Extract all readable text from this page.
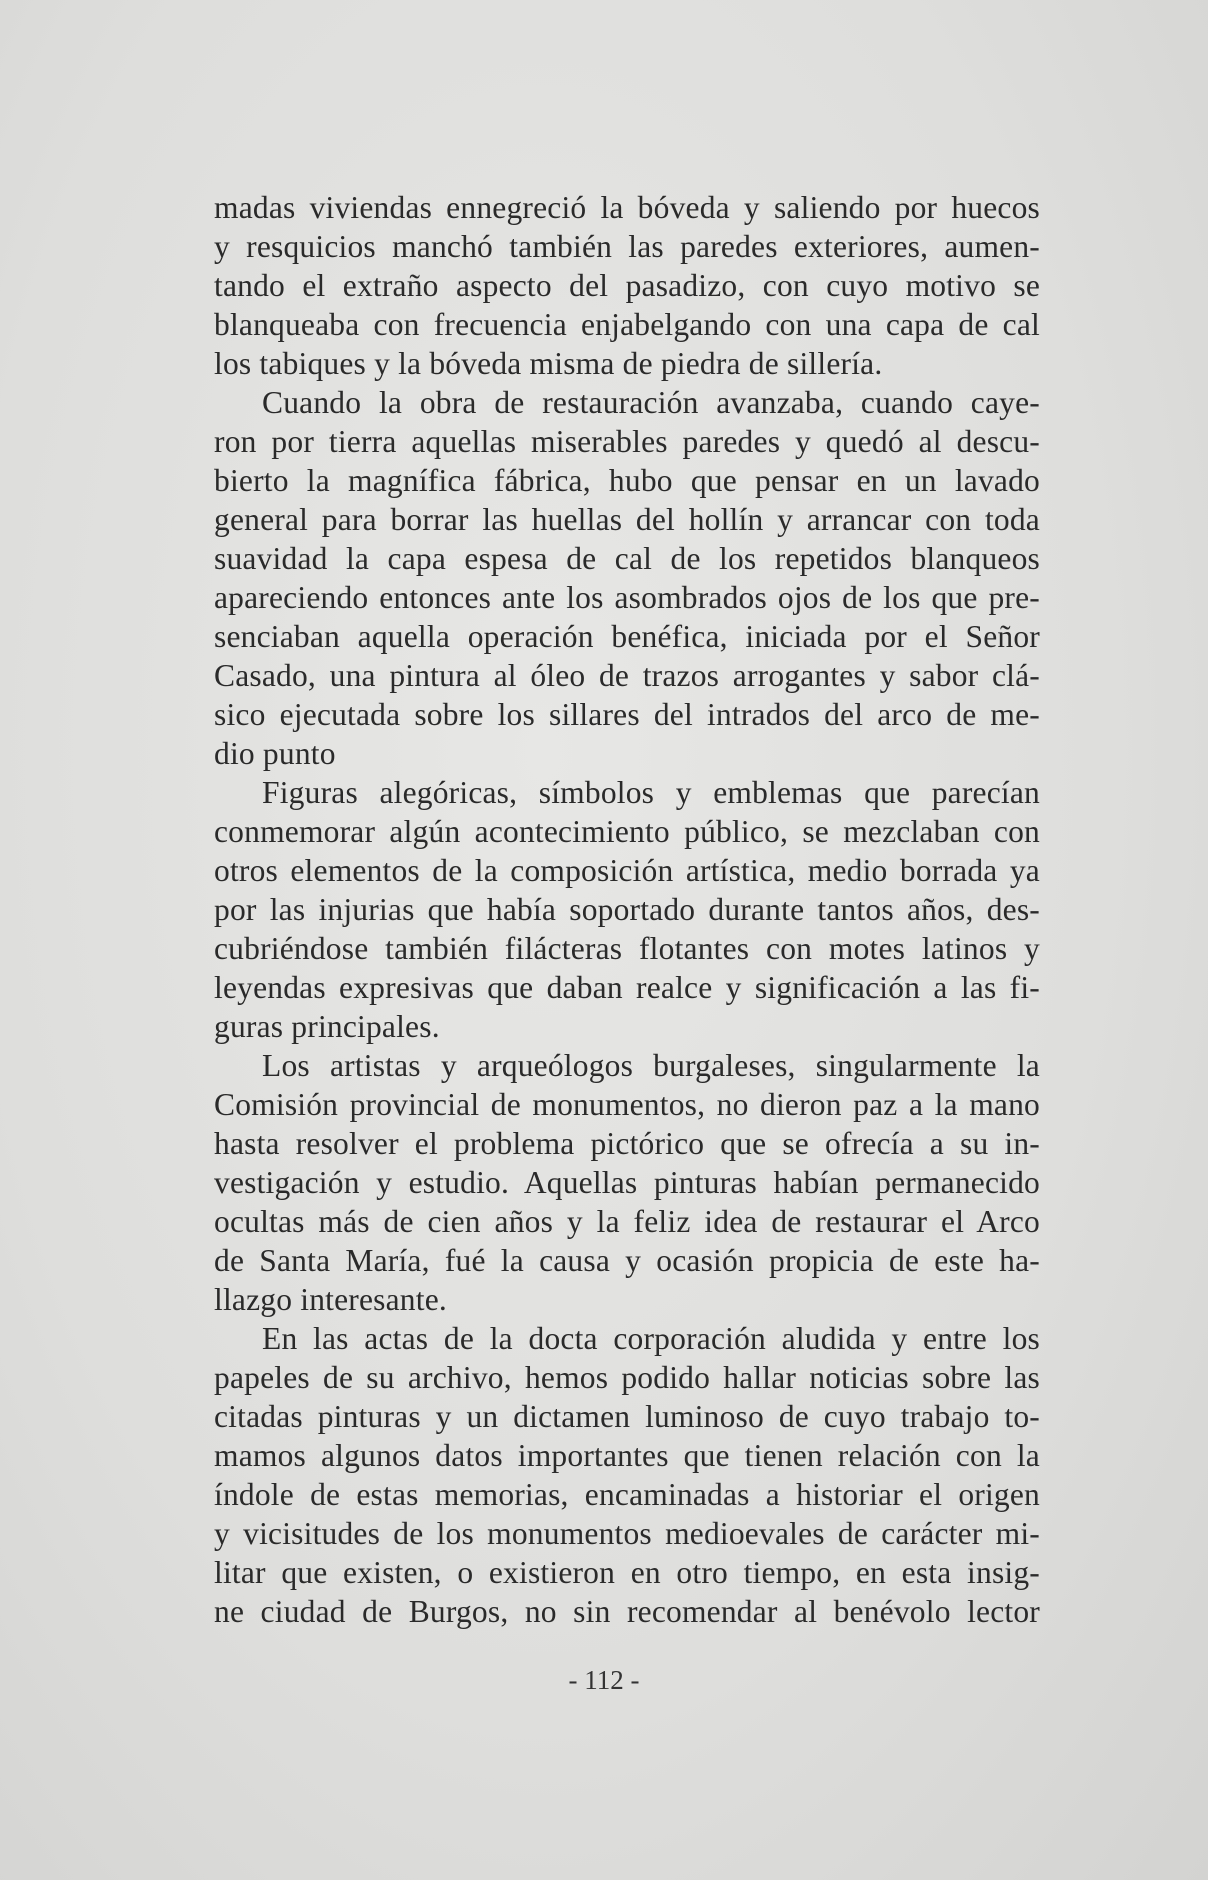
madas viviendas ennegreció la bóveda y saliendo por huecos
y resquicios manchó también las paredes exteriores, aumen-
tando el extraño aspecto del pasadizo, con cuyo motivo se
blanqueaba con frecuencia enjabelgando con una capa de cal
los tabiques y la bóveda misma de piedra de sillería.
Cuando la obra de restauración avanzaba, cuando caye-
ron por tierra aquellas miserables paredes y quedó al descu-
bierto la magnífica fábrica, hubo que pensar en un lavado
general para borrar las huellas del hollín y arrancar con toda
suavidad la capa espesa de cal de los repetidos blanqueos
apareciendo entonces ante los asombrados ojos de los que pre-
senciaban aquella operación benéfica, iniciada por el Señor
Casado, una pintura al óleo de trazos arrogantes y sabor clá-
sico ejecutada sobre los sillares del intrados del arco de me-
dio punto
Figuras alegóricas, símbolos y emblemas que parecían
conmemorar algún acontecimiento público, se mezclaban con
otros elementos de la composición artística, medio borrada ya
por las injurias que había soportado durante tantos años, des-
cubriéndose también filácteras flotantes con motes latinos y
leyendas expresivas que daban realce y significación a las fi-
guras principales.
Los artistas y arqueólogos burgaleses, singularmente la
Comisión provincial de monumentos, no dieron paz a la mano
hasta resolver el problema pictórico que se ofrecía a su in-
vestigación y estudio. Aquellas pinturas habían permanecido
ocultas más de cien años y la feliz idea de restaurar el Arco
de Santa María, fué la causa y ocasión propicia de este ha-
llazgo interesante.
En las actas de la docta corporación aludida y entre los
papeles de su archivo, hemos podido hallar noticias sobre las
citadas pinturas y un dictamen luminoso de cuyo trabajo to-
mamos algunos datos importantes que tienen relación con la
índole de estas memorias, encaminadas a historiar el origen
y vicisitudes de los monumentos medioevales de carácter mi-
litar que existen, o existieron en otro tiempo, en esta insig-
ne ciudad de Burgos, no sin recomendar al benévolo lector
- 112 -
